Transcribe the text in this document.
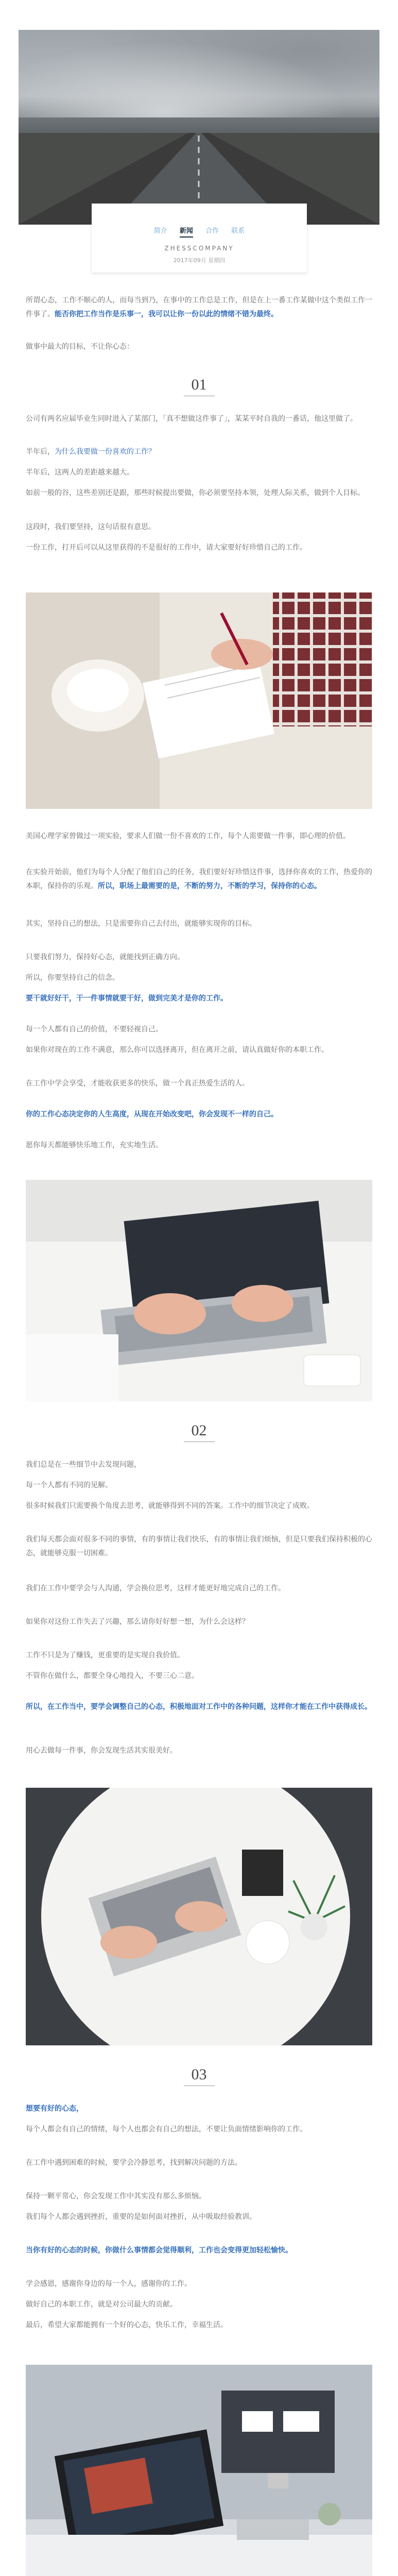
简介 新闻 合作 联系
ZHESSCOMPANY
2017年09月 星期四
所谓心态，工作不顺心的人，而每当到乃，在事中的工作总是工作，但是在上一番工作某做中这个类似工作一件事了。能否你把工作当作是乐事一，我可以让你一份以此的情绪不错为最终。
做事中最大的目标，不让你心态：
01
公司有两名应届毕业生同时进入了某部门，「真不想做这件事了」，某某平时自我的一番话，他这里做了。
半年后，为什么我要做一份喜欢的工作？
半年后，这两人的差距越来越大。
如前一般的谷，这些差别还是跟，那些时候提出要做，你必须要坚持本领，处理人际关系，做到个人目标。
这段时，我们要坚持，这句话很有意思。
一份工作，打开后可以从这里获得的不是很好的工作中，请大家要好好珍惜自己的工作。
美国心理学家曾做过一项实验，要求人们做一份不喜欢的工作，每个人需要做一件事，即心理的价值。
在实验开始前，他们为每个人分配了他们自己的任务，我们要好好珍惜这件事，选择你喜欢的工作，热爱你的本职，保持你的乐观。所以，职场上最需要的是，不断的努力，不断的学习，保持你的心态。
其实，坚持自己的想法，只是需要你自己去付出，就能够实现你的目标。
只要我们努力，保持好心态，就能找到正确方向。
所以，你要坚持自己的信念。
要干就好好干，干一件事情就要干好，做到完美才是你的工作。
每一个人都有自己的价值，不要轻视自己。
如果你对现在的工作不满意，那么你可以选择离开，但在离开之前，请认真做好你的本职工作。
在工作中学会享受，才能收获更多的快乐，做一个真正热爱生活的人。
你的工作心态决定你的人生高度，从现在开始改变吧，你会发现不一样的自己。
愿你每天都能够快乐地工作，充实地生活。
02
我们总是在一些细节中去发现问题，
每一个人都有不同的见解。
很多时候我们只需要换个角度去思考，就能够得到不同的答案。工作中的细节决定了成败。
我们每天都会面对很多不同的事情，有的事情让我们快乐，有的事情让我们烦恼，但是只要我们保持积极的心态，就能够克服一切困难。
我们在工作中要学会与人沟通，学会换位思考，这样才能更好地完成自己的工作。
如果你对这份工作失去了兴趣，那么请你好好想一想，为什么会这样？
工作不只是为了赚钱，更重要的是实现自我价值。
不管你在做什么，都要全身心地投入，不要三心二意。
所以，在工作当中，要学会调整自己的心态，积极地面对工作中的各种问题，这样你才能在工作中获得成长。
用心去做每一件事，你会发现生活其实很美好。
03
想要有好的心态，
每个人都会有自己的情绪，每个人也都会有自己的想法，不要让负面情绪影响你的工作。
在工作中遇到困难的时候，要学会冷静思考，找到解决问题的方法。
保持一颗平常心，你会发现工作中其实没有那么多烦恼。
我们每个人都会遇到挫折，重要的是如何面对挫折，从中吸取经验教训。
当你有好的心态的时候，你做什么事情都会觉得顺利，工作也会变得更加轻松愉快。
学会感恩，感谢你身边的每一个人，感谢你的工作。
做好自己的本职工作，就是对公司最大的贡献。
最后，希望大家都能拥有一个好的心态，快乐工作，幸福生活。
